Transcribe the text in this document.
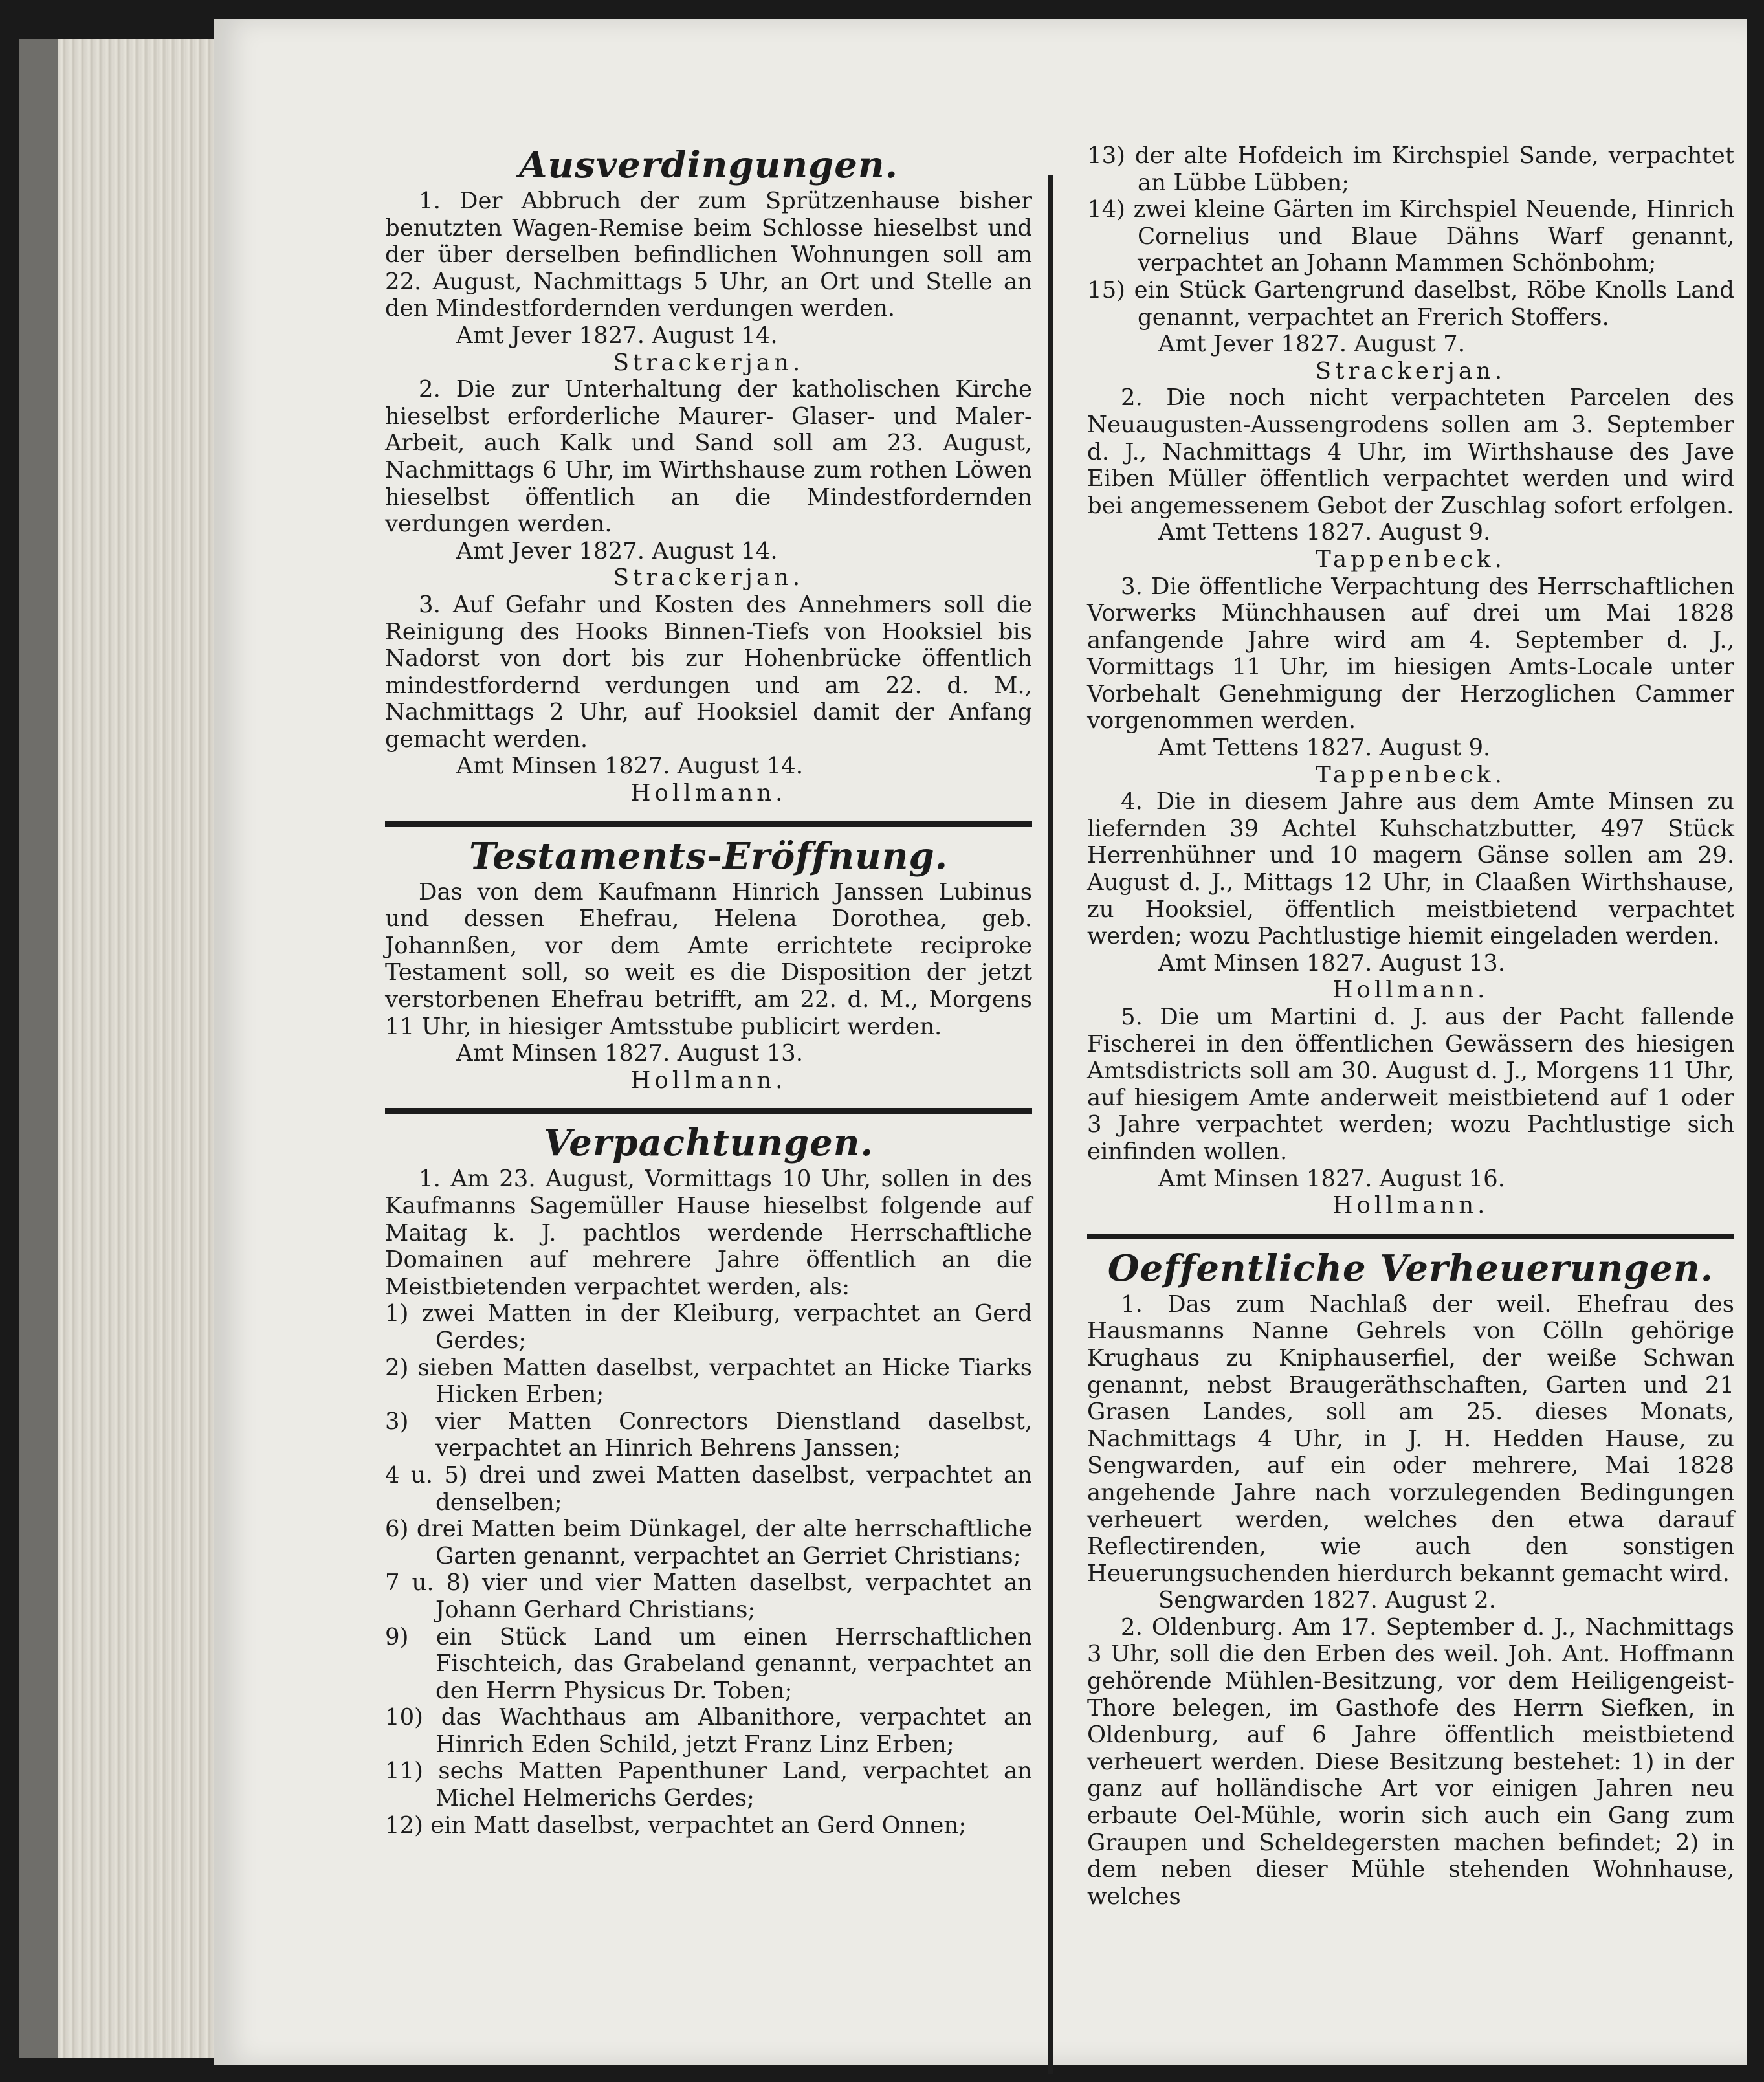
Ausverdingungen.

1. Der Abbruch der zum Sprützenhause bisher benutzten Wagen-Remise beim Schlosse hieselbst und der über derselben befindlichen Wohnungen soll am 22. August, Nachmittags 5 Uhr, an Ort und Stelle an den Mindestfordernden verdungen werden.

Amt Jever 1827. August 14.

Strackerjan.

2. Die zur Unterhaltung der katholischen Kirche hieselbst erforderliche Maurer- Glaser- und Maler-Arbeit, auch Kalk und Sand soll am 23. August, Nachmittags 6 Uhr, im Wirthshause zum rothen Löwen hieselbst öffentlich an die Mindestfordernden verdungen werden.

Amt Jever 1827. August 14.

Strackerjan.

3. Auf Gefahr und Kosten des Annehmers soll die Reinigung des Hooks Binnen-Tiefs von Hooksiel bis Nadorst von dort bis zur Hohenbrücke öffentlich mindestfordernd verdungen und am 22. d. M., Nachmittags 2 Uhr, auf Hooksiel damit der Anfang gemacht werden.

Amt Minsen 1827. August 14.

Hollmann.

Testaments-Eröffnung.

Das von dem Kaufmann Hinrich Janssen Lubinus und dessen Ehefrau, Helena Dorothea, geb. Johannßen, vor dem Amte errichtete reciproke Testament soll, so weit es die Disposition der jetzt verstorbenen Ehefrau betrifft, am 22. d. M., Morgens 11 Uhr, in hiesiger Amtsstube publicirt werden.

Amt Minsen 1827. August 13.

Hollmann.

Verpachtungen.

1. Am 23. August, Vormittags 10 Uhr, sollen in des Kaufmanns Sagemüller Hause hieselbst folgende auf Maitag k. J. pachtlos werdende Herrschaftliche Domainen auf mehrere Jahre öffentlich an die Meistbietenden verpachtet werden, als:

1) zwei Matten in der Kleiburg, verpachtet an Gerd Gerdes;

2) sieben Matten daselbst, verpachtet an Hicke Tiarks Hicken Erben;

3) vier Matten Conrectors Dienstland daselbst, verpachtet an Hinrich Behrens Janssen;

4 u. 5) drei und zwei Matten daselbst, verpachtet an denselben;

6) drei Matten beim Dünkagel, der alte herrschaftliche Garten genannt, verpachtet an Gerriet Christians;

7 u. 8) vier und vier Matten daselbst, verpachtet an Johann Gerhard Christians;

9) ein Stück Land um einen Herrschaftlichen Fischteich, das Grabeland genannt, verpachtet an den Herrn Physicus Dr. Toben;

10) das Wachthaus am Albanithore, verpachtet an Hinrich Eden Schild, jetzt Franz Linz Erben;

11) sechs Matten Papenthuner Land, verpachtet an Michel Helmerichs Gerdes;

12) ein Matt daselbst, verpachtet an Gerd Onnen;

13) der alte Hofdeich im Kirchspiel Sande, verpachtet an Lübbe Lübben;

14) zwei kleine Gärten im Kirchspiel Neuende, Hinrich Cornelius und Blaue Dähns Warf genannt, verpachtet an Johann Mammen Schönbohm;

15) ein Stück Gartengrund daselbst, Röbe Knolls Land genannt, verpachtet an Frerich Stoffers.

Amt Jever 1827. August 7.

Strackerjan.

2. Die noch nicht verpachteten Parcelen des Neuaugusten-Aussengrodens sollen am 3. September d. J., Nachmittags 4 Uhr, im Wirthshause des Jave Eiben Müller öffentlich verpachtet werden und wird bei angemessenem Gebot der Zuschlag sofort erfolgen.

Amt Tettens 1827. August 9.

Tappenbeck.

3. Die öffentliche Verpachtung des Herrschaftlichen Vorwerks Münchhausen auf drei um Mai 1828 anfangende Jahre wird am 4. September d. J., Vormittags 11 Uhr, im hiesigen Amts-Locale unter Vorbehalt Genehmigung der Herzoglichen Cammer vorgenommen werden.

Amt Tettens 1827. August 9.

Tappenbeck.

4. Die in diesem Jahre aus dem Amte Minsen zu liefernden 39 Achtel Kuhschatzbutter, 497 Stück Herrenhühner und 10 magern Gänse sollen am 29. August d. J., Mittags 12 Uhr, in Claaßen Wirthshause, zu Hooksiel, öffentlich meistbietend verpachtet werden; wozu Pachtlustige hiemit eingeladen werden.

Amt Minsen 1827. August 13.

Hollmann.

5. Die um Martini d. J. aus der Pacht fallende Fischerei in den öffentlichen Gewässern des hiesigen Amtsdistricts soll am 30. August d. J., Morgens 11 Uhr, auf hiesigem Amte anderweit meistbietend auf 1 oder 3 Jahre verpachtet werden; wozu Pachtlustige sich einfinden wollen.

Amt Minsen 1827. August 16.

Hollmann.

Oeffentliche Verheuerungen.

1. Das zum Nachlaß der weil. Ehefrau des Hausmanns Nanne Gehrels von Cölln gehörige Krughaus zu Kniphauserfiel, der weiße Schwan genannt, nebst Braugeräthschaften, Garten und 21 Grasen Landes, soll am 25. dieses Monats, Nachmittags 4 Uhr, in J. H. Hedden Hause, zu Sengwarden, auf ein oder mehrere, Mai 1828 angehende Jahre nach vorzulegenden Bedingungen verheuert werden, welches den etwa darauf Reflectirenden, wie auch den sonstigen Heuerungsuchenden hierdurch bekannt gemacht wird.

Sengwarden 1827. August 2.

2. Oldenburg. Am 17. September d. J., Nachmittags 3 Uhr, soll die den Erben des weil. Joh. Ant. Hoffmann gehörende Mühlen-Besitzung, vor dem Heiligengeist-Thore belegen, im Gasthofe des Herrn Siefken, in Oldenburg, auf 6 Jahre öffentlich meistbietend verheuert werden. Diese Besitzung bestehet: 1) in der ganz auf holländische Art vor einigen Jahren neu erbaute Oel-Mühle, worin sich auch ein Gang zum Graupen und Scheldegersten machen befindet; 2) in dem neben dieser Mühle stehenden Wohnhause, welches
